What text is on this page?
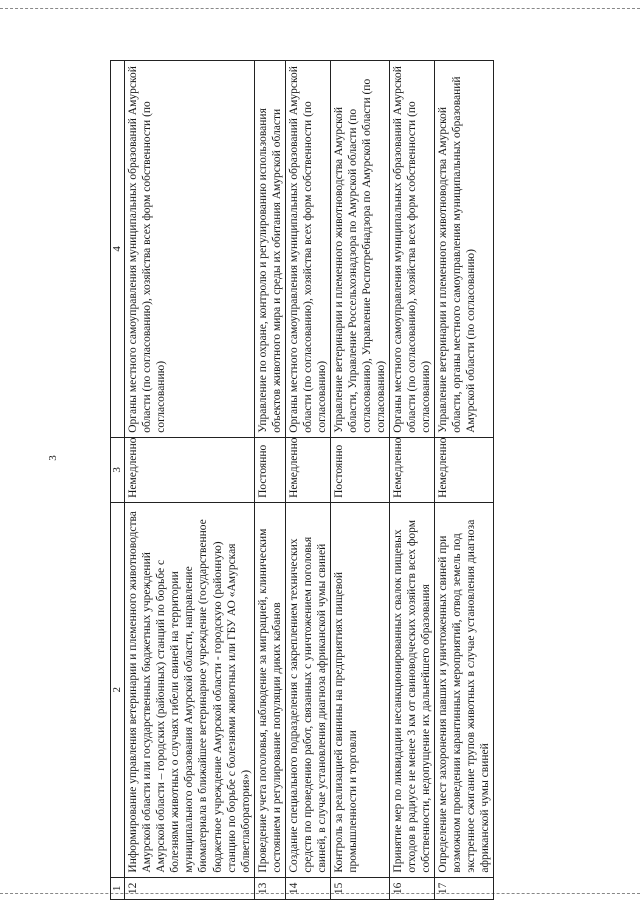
3
1	2	3	4
12	Информирование управления ветеринарии и племенного животноводства Амурской области или государственных бюджетных учреждений Амурской области – городских (районных) станций по борьбе с болезнями животных о случаях гибели свиней на территории муниципального образования Амурской области, направление биоматериала в ближайшее ветеринарное учреждение (государственное бюджетное учреждение Амурской области - городскую (районную) станцию по борьбе с болезнями животных или ГБУ АО «Амурская облветлаборатория»)	Немедленно	Органы местного самоуправления муниципальных образований Амурской области (по согласованию), хозяйства всех форм собственности (по согласованию)
13	Проведение учета поголовья, наблюдение за миграцией, клиническим состоянием и регулирование популяции диких кабанов	Постоянно	Управление по охране, контролю и регулированию использования объектов животного мира и среды их обитания Амурской области
14	Создание специального подразделения с закреплением технических средств по проведению работ, связанных с уничтожением поголовья свиней, в случае установления диагноза африканской чумы свиней	Немедленно	Органы местного самоуправления муниципальных образований Амурской области (по согласованию), хозяйства всех форм собственности (по согласованию)
15	Контроль за реализацией свинины на предприятиях пищевой промышленности и торговли	Постоянно	Управление ветеринарии и племенного животноводства Амурской области, Управление Россельхознадзора по Амурской области (по согласованию), Управление Роспотребнадзора по Амурской области (по согласованию)
16	Принятие мер по ликвидации несанкционированных свалок пищевых отходов в радиусе не менее 3 км от свиноводческих хозяйств всех форм собственности, недопущение их дальнейшего образования	Немедленно	Органы местного самоуправления муниципальных образований Амурской области (по согласованию), хозяйства всех форм собственности (по согласованию)
17	Определение мест захоронения павших и уничтоженных свиней при возможном проведении карантинных мероприятий, отвод земель под экстренное сжигание трупов животных в случае установления диагноза африканской чумы свиней	Немедленно	Управление ветеринарии и племенного животноводства Амурской области, органы местного самоуправления муниципальных образований Амурской области (по согласованию)
